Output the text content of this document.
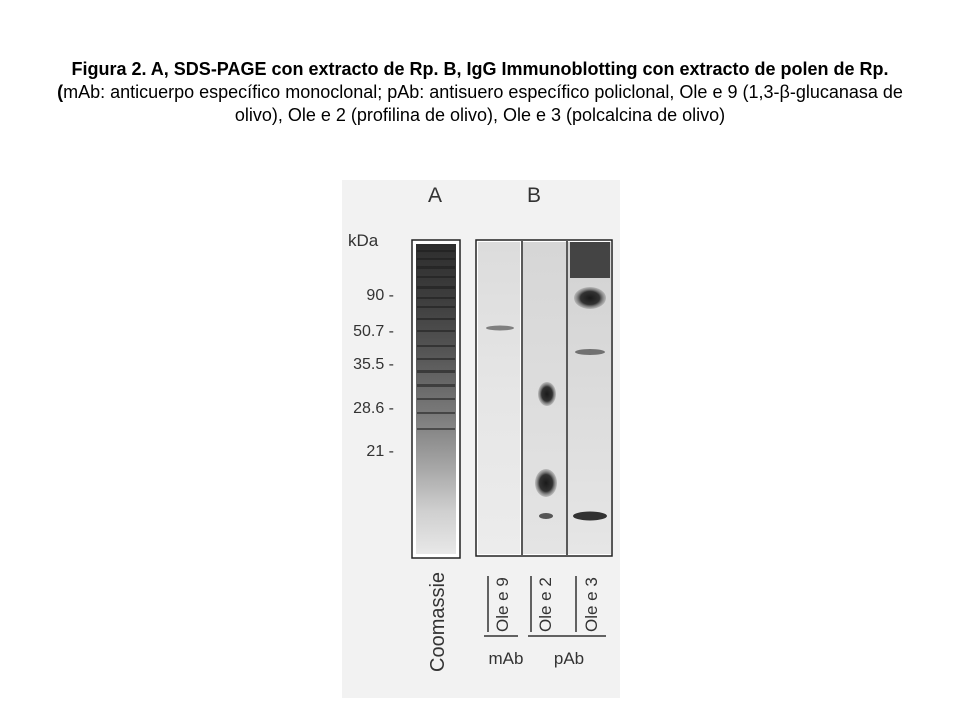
Figura 2. A, SDS-PAGE con extracto de Rp. B, IgG Immunoblotting con extracto de polen de Rp. (mAb: anticuerpo específico monoclonal; pAb: antisuero específico policlonal, Ole e 9 (1,3-β-glucanasa de olivo), Ole e 2 (profilina de olivo), Ole e 3 (polcalcina de olivo)
A	B
kDa
90 -
50.7 -
35.5 -
28.6 -
21 -
Coomassie	Ole e 9 Ole e 2 Ole e 3
mAb pAb
